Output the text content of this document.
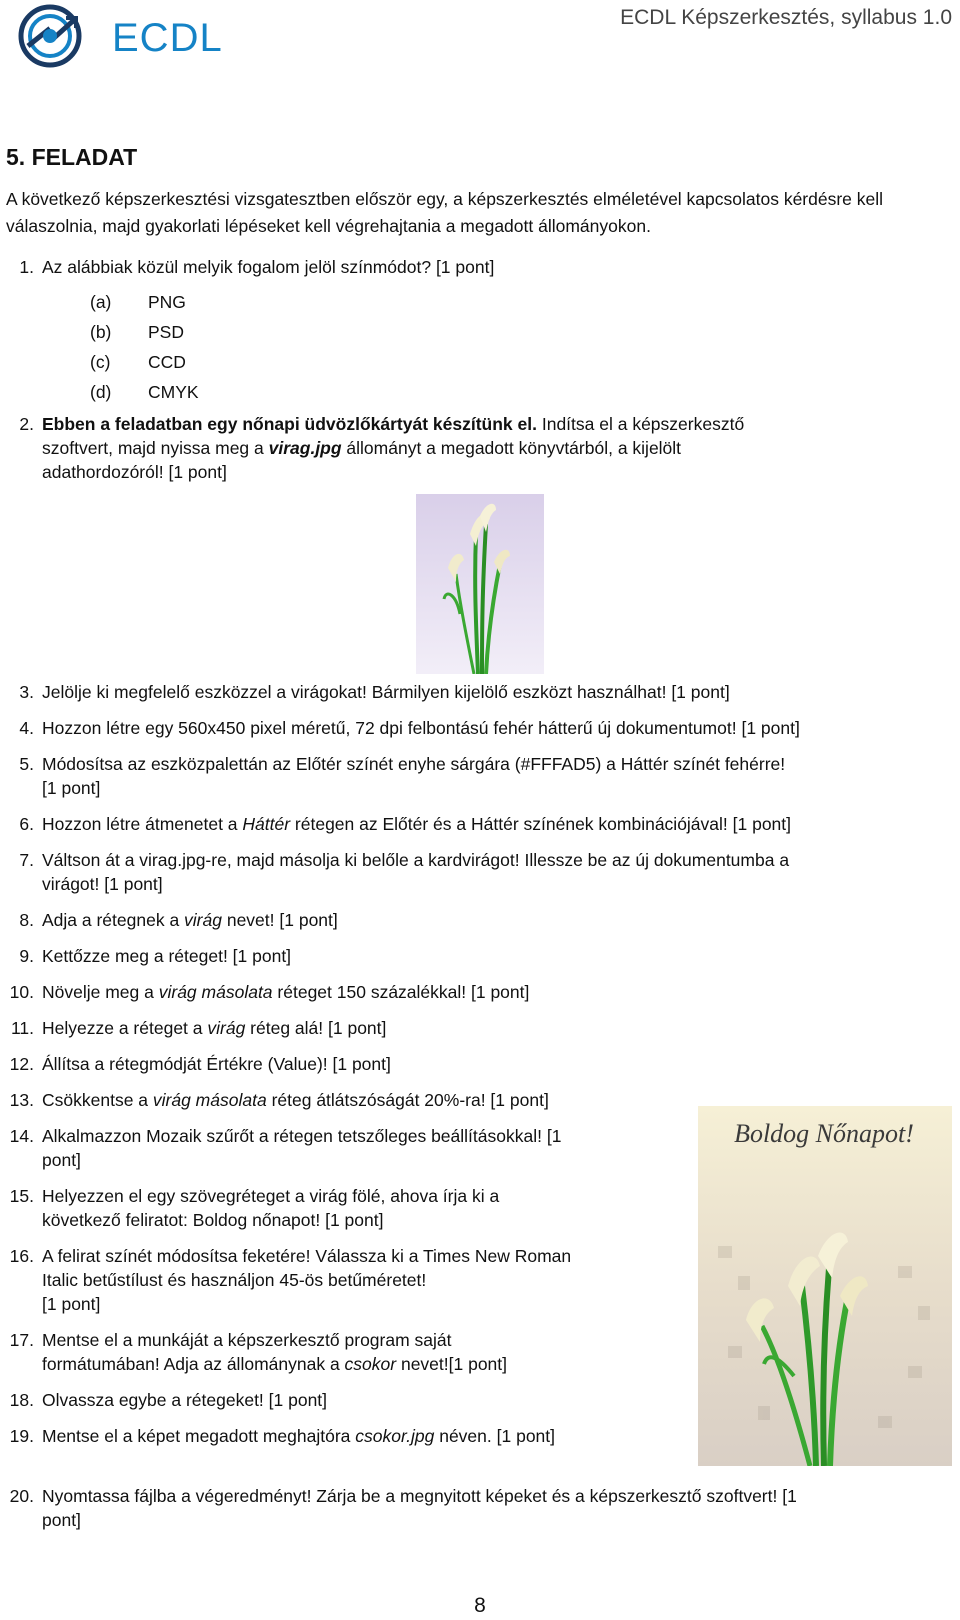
ECDL	ECDL Képszerkesztés, syllabus 1.0
5. FELADAT
A következő képszerkesztési vizsgatesztben először egy, a képszerkesztés elméletével kapcsolatos kérdésre kell válaszolnia, majd gyakorlati lépéseket kell végrehajtania a megadott állományokon.
1. Az alábbiak közül melyik fogalom jelöl színmódot? [1 pont]
(a) PNG
(b) PSD
(c) CCD
(d) CMYK
2. Ebben a feladatban egy nőnapi üdvözlőkártyát készítünk el. Indítsa el a képszerkesztő
szoftvert, majd nyissa meg a virag.jpg állományt a megadott könyvtárból, a kijelölt
adathordozóról! [1 pont]
3. Jelölje ki megfelelő eszközzel a virágokat! Bármilyen kijelölő eszközt használhat! [1 pont]
4. Hozzon létre egy 560x450 pixel méretű, 72 dpi felbontású fehér hátterű új dokumentumot! [1 pont]
5. Módosítsa az eszközpalettán az Előtér színét enyhe sárgára (#FFFAD5) a Háttér színét fehérre!
[1 pont]
6. Hozzon létre átmenetet a Háttér rétegen az Előtér és a Háttér színének kombinációjával! [1 pont]
7. Váltson át a virag.jpg-re, majd másolja ki belőle a kardvirágot! Illessze be az új dokumentumba a
virágot! [1 pont]
8. Adja a rétegnek a virág nevet! [1 pont]
9. Kettőzze meg a réteget! [1 pont]
10. Növelje meg a virág másolata réteget 150 százalékkal! [1 pont]
11. Helyezze a réteget a virág réteg alá! [1 pont]
12. Állítsa a rétegmódját Értékre (Value)! [1 pont]
13. Csökkentse a virág másolata réteg átlátszóságát 20%-ra! [1 pont]
14. Alkalmazzon Mozaik szűrőt a rétegen tetszőleges beállításokkal! [1
pont]
15. Helyezzen el egy szövegréteget a virág fölé, ahova írja ki a
következő feliratot: Boldog nőnapot! [1 pont]
16. A felirat színét módosítsa feketére! Válassza ki a Times New Roman
Italic betűstílust és használjon 45-ös betűméretet!
[1 pont]
17. Mentse el a munkáját a képszerkesztő program saját
formátumában! Adja az állománynak a csokor nevet![1 pont]
18. Olvassza egybe a rétegeket! [1 pont]
19. Mentse el a képet megadott meghajtóra csokor.jpg néven. [1 pont]
20. Nyomtassa fájlba a végeredményt! Zárja be a megnyitott képeket és a képszerkesztő szoftvert! [1
pont]
Boldog Nőnapot!
8
